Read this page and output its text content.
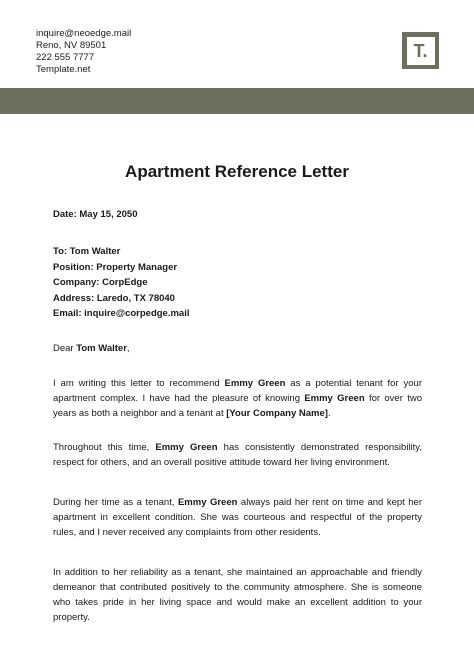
inquire@neoedge.mail
Reno, NV 89501
222 555 7777
Template.net
T.
Apartment Reference Letter
Date: May 15, 2050
To: Tom Walter
Position: Property Manager
Company: CorpEdge
Address: Laredo, TX 78040
Email: inquire@corpedge.mail
Dear Tom Walter,
I am writing this letter to recommend Emmy Green as a potential tenant for your apartment complex. I have had the pleasure of knowing Emmy Green for over two years as both a neighbor and a tenant at [Your Company Name].
Throughout this time, Emmy Green has consistently demonstrated responsibility, respect for others, and an overall positive attitude toward her living environment.
During her time as a tenant, Emmy Green always paid her rent on time and kept her apartment in excellent condition. She was courteous and respectful of the property rules, and I never received any complaints from other residents.
In addition to her reliability as a tenant, she maintained an approachable and friendly demeanor that contributed positively to the community atmosphere. She is someone who takes pride in her living space and would make an excellent addition to your property.
